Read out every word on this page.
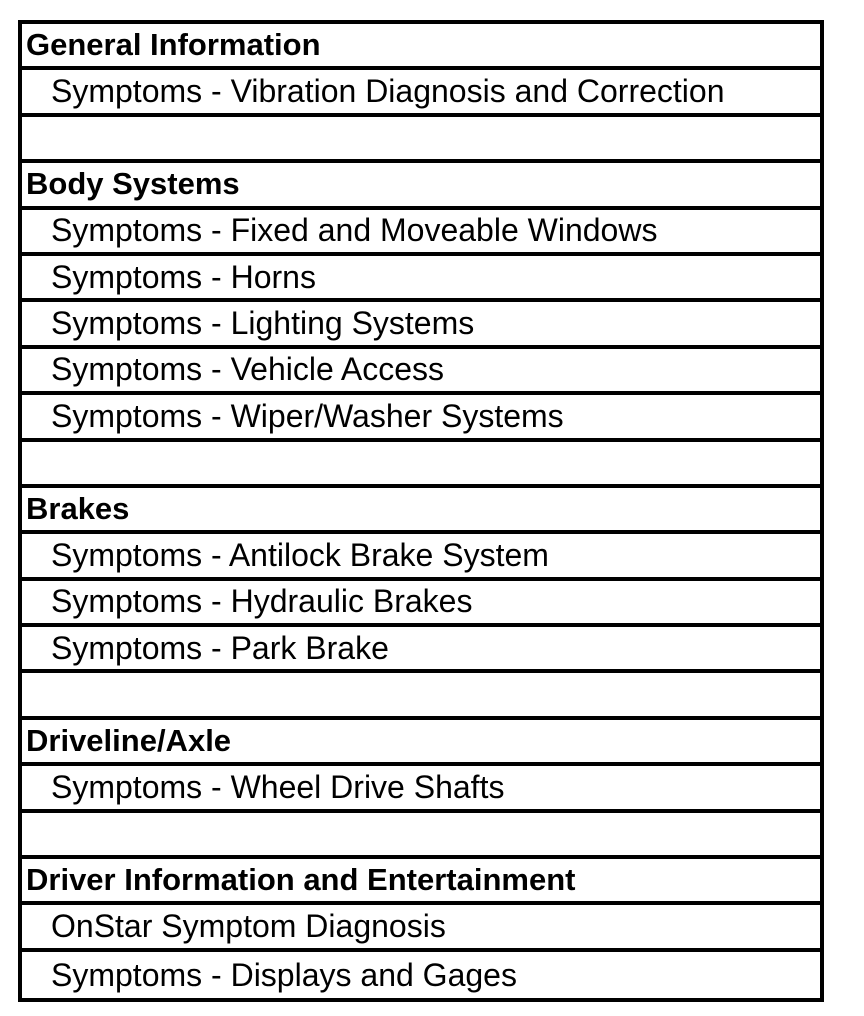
General Information
Symptoms - Vibration Diagnosis and Correction
Body Systems
Symptoms - Fixed and Moveable Windows
Symptoms - Horns
Symptoms - Lighting Systems
Symptoms - Vehicle Access
Symptoms - Wiper/Washer Systems
Brakes
Symptoms - Antilock Brake System
Symptoms - Hydraulic Brakes
Symptoms - Park Brake
Driveline/Axle
Symptoms - Wheel Drive Shafts
Driver Information and Entertainment
OnStar Symptom Diagnosis
Symptoms - Displays and Gages
